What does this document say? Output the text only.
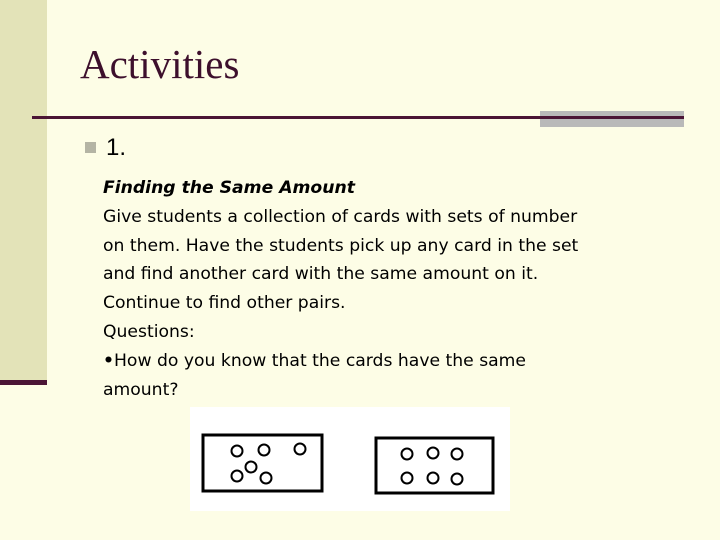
Activities
1.
Finding the Same Amount
Give students a collection of cards with sets of number
on them. Have the students pick up any card in the set
and find another card with the same amount on it.
Continue to find other pairs.
Questions:
•How do you know that the cards have the same
amount?
